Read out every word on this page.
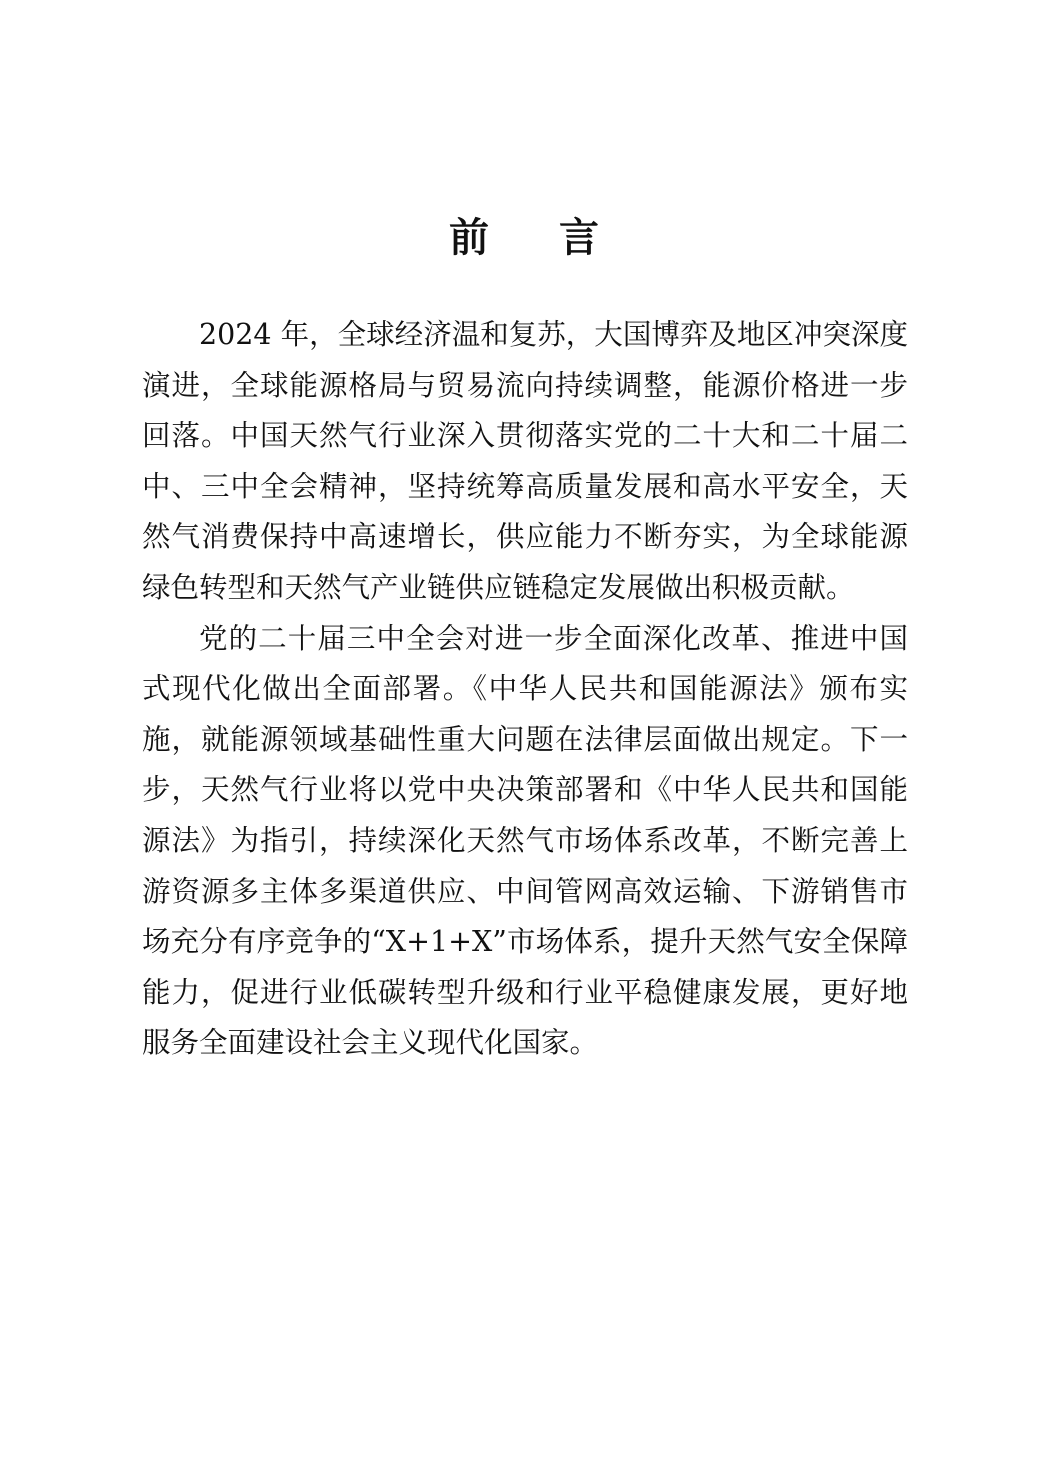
前 言

2024 年，全球经济温和复苏，大国博弈及地区冲突深度演进，全球能源格局与贸易流向持续调整，能源价格进一步回落。中国天然气行业深入贯彻落实党的二十大和二十届二中、三中全会精神，坚持统筹高质量发展和高水平安全，天然气消费保持中高速增长，供应能力不断夯实，为全球能源绿色转型和天然气产业链供应链稳定发展做出积极贡献。

党的二十届三中全会对进一步全面深化改革、推进中国式现代化做出全面部署。《中华人民共和国能源法》颁布实施，就能源领域基础性重大问题在法律层面做出规定。下一步，天然气行业将以党中央决策部署和《中华人民共和国能源法》为指引，持续深化天然气市场体系改革，不断完善上游资源多主体多渠道供应、中间管网高效运输、下游销售市场充分有序竞争的“X+1+X”市场体系，提升天然气安全保障能力，促进行业低碳转型升级和行业平稳健康发展，更好地服务全面建设社会主义现代化国家。
